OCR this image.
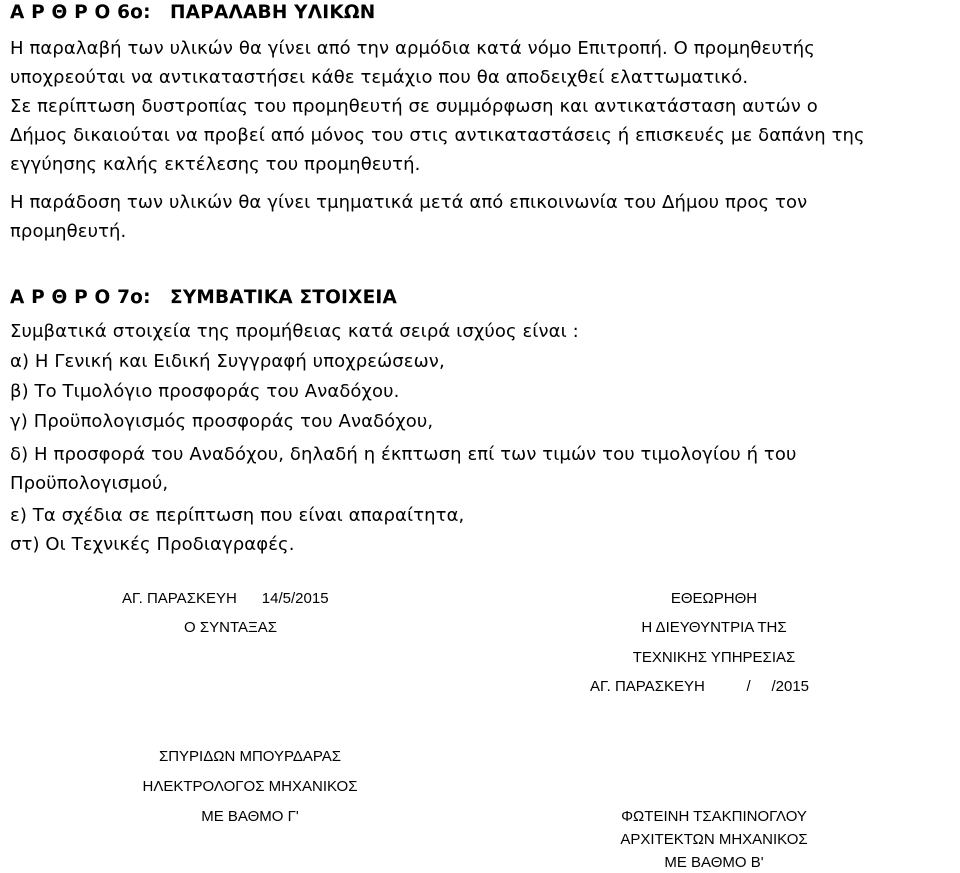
Α Ρ Θ Ρ Ο 6ο: ΠΑΡΑΛΑΒΗ ΥΛΙΚΩΝ
Η παραλαβή των υλικών θα γίνει από την αρμόδια κατά νόμο Επιτροπή. Ο προμηθευτής
υποχρεούται να αντικαταστήσει κάθε τεμάχιο που θα αποδειχθεί ελαττωματικό.
Σε περίπτωση δυστροπίας του προμηθευτή σε συμμόρφωση και αντικατάσταση αυτών ο
Δήμος δικαιούται να προβεί από μόνος του στις αντικαταστάσεις ή επισκευές με δαπάνη της
εγγύησης καλής εκτέλεσης του προμηθευτή.
Η παράδοση των υλικών θα γίνει τμηματικά μετά από επικοινωνία του Δήμου προς τον
προμηθευτή.
Α Ρ Θ Ρ Ο 7ο: ΣΥΜΒΑΤΙΚΑ ΣΤΟΙΧΕΙΑ
Συμβατικά στοιχεία της προμήθειας κατά σειρά ισχύος είναι :
α) Η Γενική και Ειδική Συγγραφή υποχρεώσεων,
β) Το Τιμολόγιο προσφοράς του Αναδόχου.
γ) Προϋπολογισμός προσφοράς του Αναδόχου,
δ) Η προσφορά του Αναδόχου, δηλαδή η έκπτωση επί των τιμών του τιμολογίου ή του
Προϋπολογισμού,
ε) Τα σχέδια σε περίπτωση που είναι απαραίτητα,
στ) Οι Τεχνικές Προδιαγραφές.
ΑΓ. ΠΑΡΑΣΚΕΥΗ      14/5/2015
Ο ΣΥΝΤΑΞΑΣ
ΣΠΥΡΙΔΩΝ ΜΠΟΥΡΔΑΡΑΣ
ΗΛΕΚΤΡΟΛΟΓΟΣ ΜΗΧΑΝΙΚΟΣ
ΜΕ ΒΑΘΜΟ Γ'
ΕΘΕΩΡΗΘΗ
Η ΔΙΕΥΘΥΝΤΡΙΑ ΤΗΣ
ΤΕΧΝΙΚΗΣ ΥΠΗΡΕΣΙΑΣ
ΑΓ. ΠΑΡΑΣΚΕΥΗ          /     /2015
ΦΩΤΕΙΝΗ ΤΣΑΚΠΙΝΟΓΛΟΥ
ΑΡΧΙΤΕΚΤΩΝ ΜΗΧΑΝΙΚΟΣ
ΜΕ ΒΑΘΜΟ Β'
